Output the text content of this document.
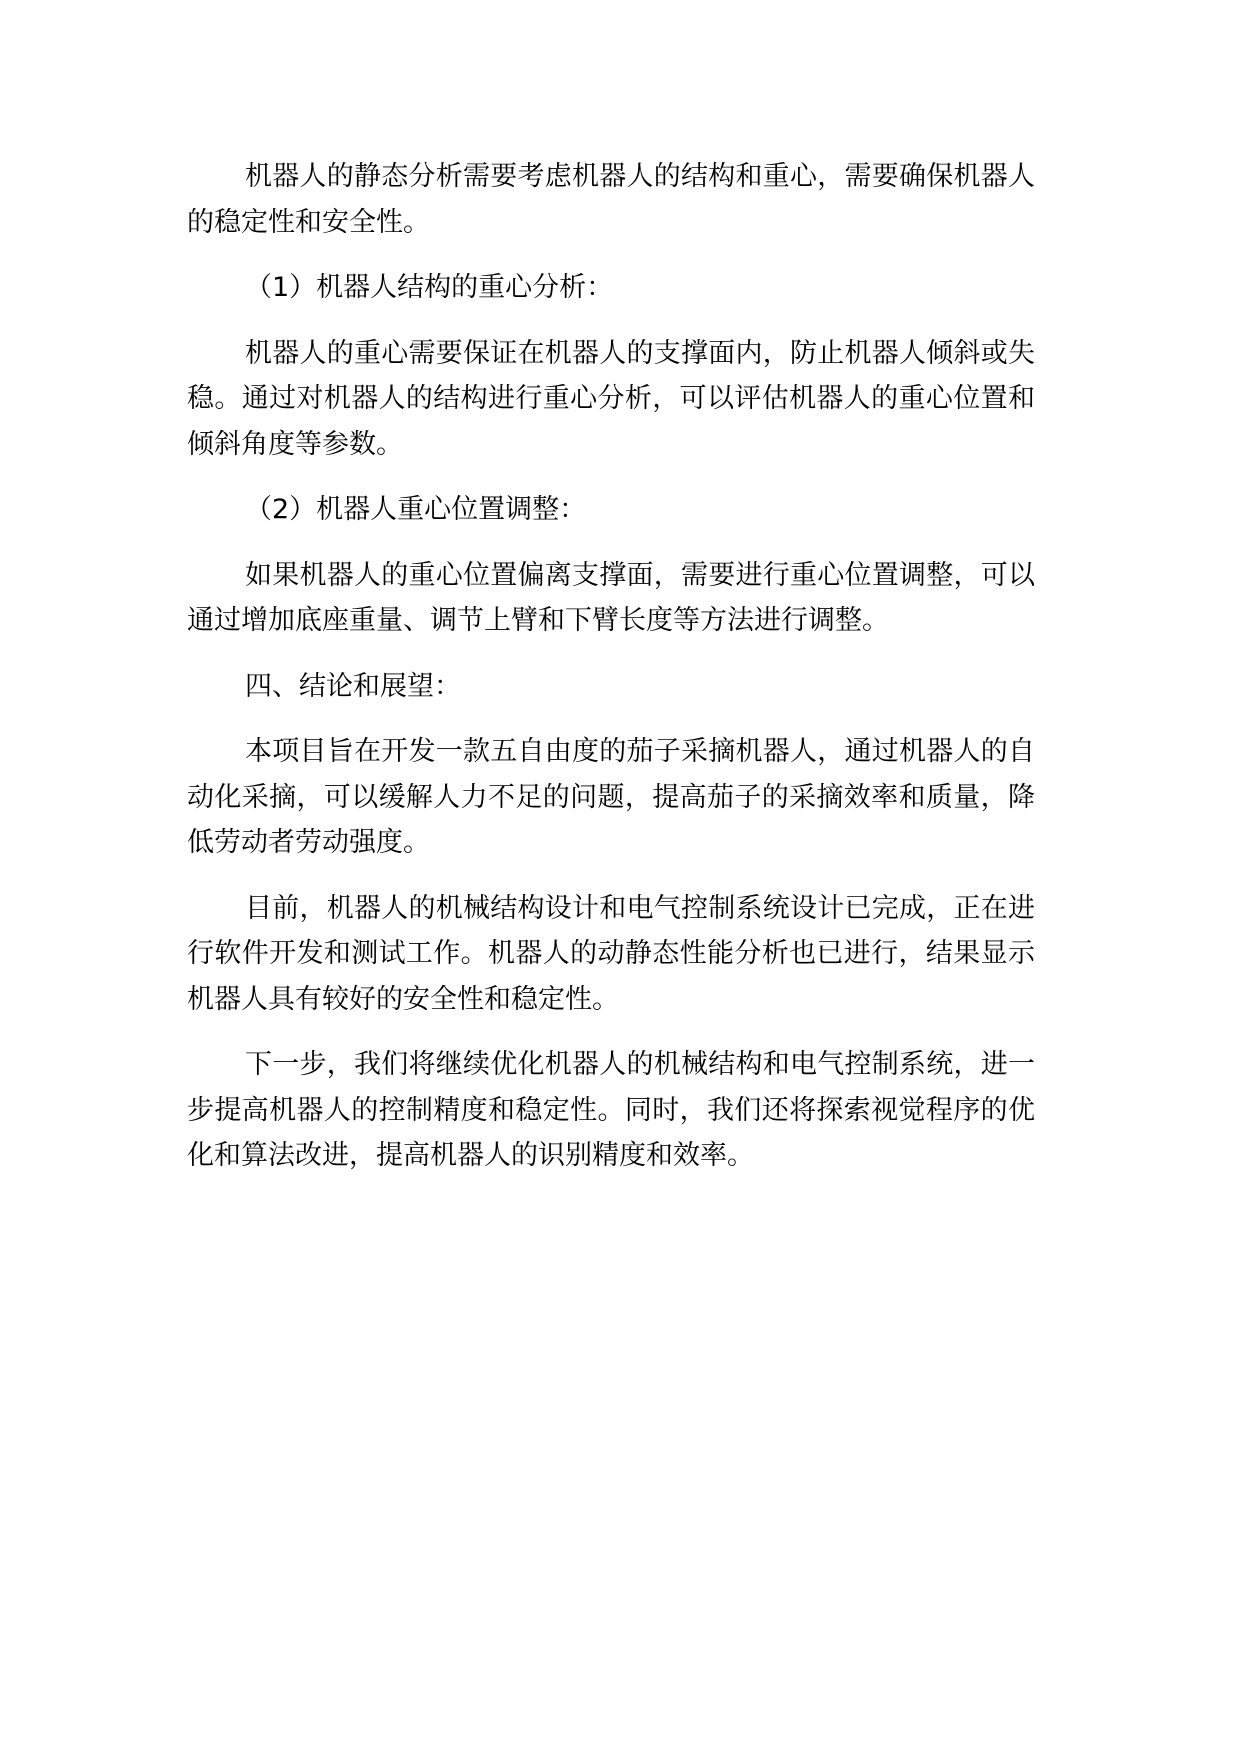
机器人的静态分析需要考虑机器人的结构和重心，需要确保机器人的稳定性和安全性。

（1）机器人结构的重心分析：

机器人的重心需要保证在机器人的支撑面内，防止机器人倾斜或失稳。通过对机器人的结构进行重心分析，可以评估机器人的重心位置和倾斜角度等参数。

（2）机器人重心位置调整：

如果机器人的重心位置偏离支撑面，需要进行重心位置调整，可以通过增加底座重量、调节上臂和下臂长度等方法进行调整。

四、结论和展望：

本项目旨在开发一款五自由度的茄子采摘机器人，通过机器人的自动化采摘，可以缓解人力不足的问题，提高茄子的采摘效率和质量，降低劳动者劳动强度。

目前，机器人的机械结构设计和电气控制系统设计已完成，正在进行软件开发和测试工作。机器人的动静态性能分析也已进行，结果显示机器人具有较好的安全性和稳定性。

下一步，我们将继续优化机器人的机械结构和电气控制系统，进一步提高机器人的控制精度和稳定性。同时，我们还将探索视觉程序的优化和算法改进，提高机器人的识别精度和效率。
